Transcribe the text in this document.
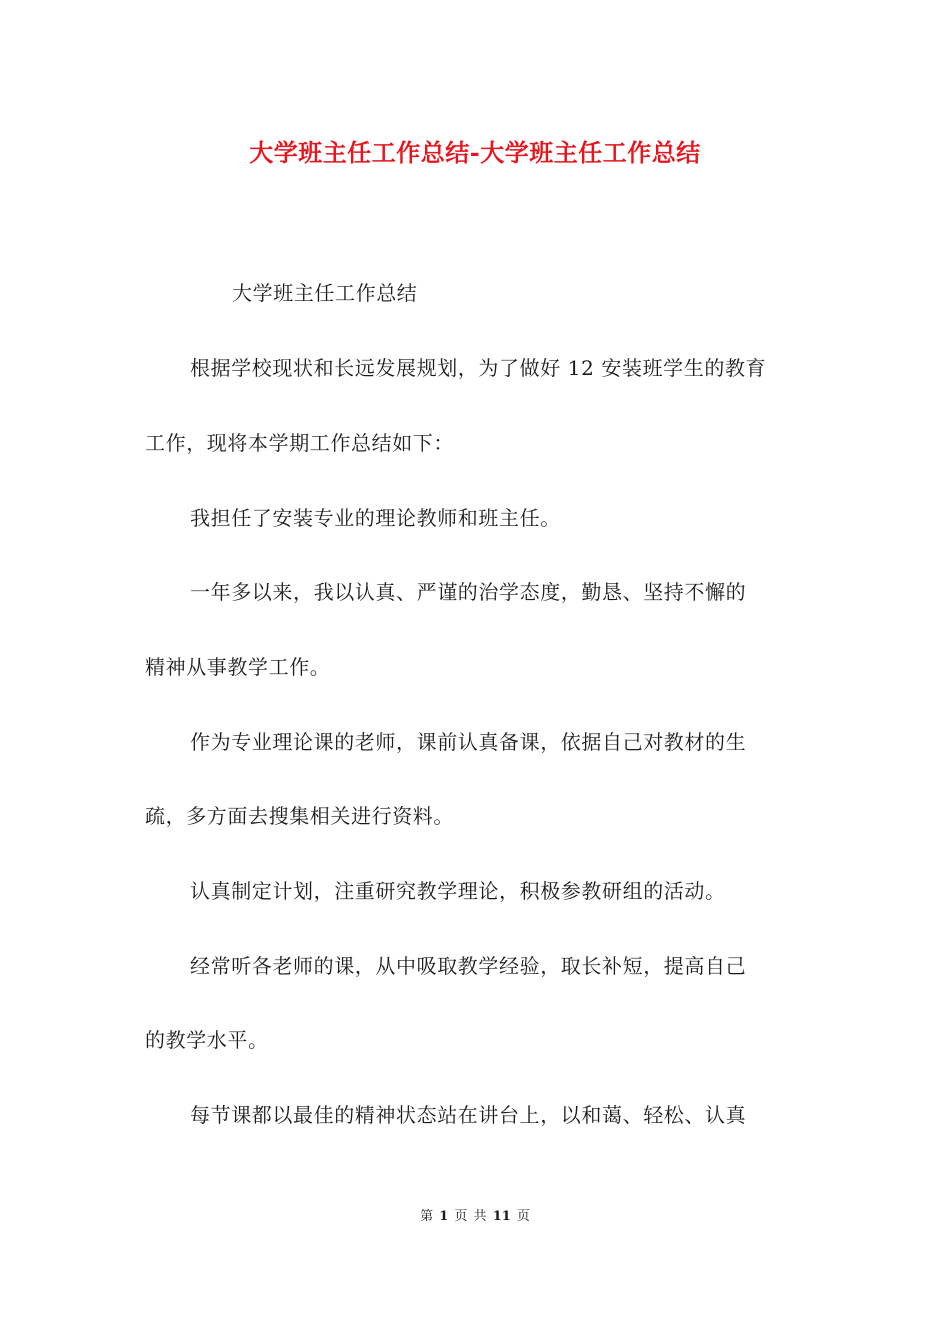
大学班主任工作总结-大学班主任工作总结
大学班主任工作总结
根据学校现状和长远发展规划，为了做好 12 安装班学生的教育
工作，现将本学期工作总结如下：
我担任了安装专业的理论教师和班主任。
一年多以来，我以认真、严谨的治学态度，勤恳、坚持不懈的
精神从事教学工作。
作为专业理论课的老师，课前认真备课，依据自己对教材的生
疏，多方面去搜集相关进行资料。
认真制定计划，注重研究教学理论，积极参教研组的活动。
经常听各老师的课，从中吸取教学经验，取长补短，提高自己
的教学水平。
每节课都以最佳的精神状态站在讲台上，以和蔼、轻松、认真
第 1 页 共 11 页
